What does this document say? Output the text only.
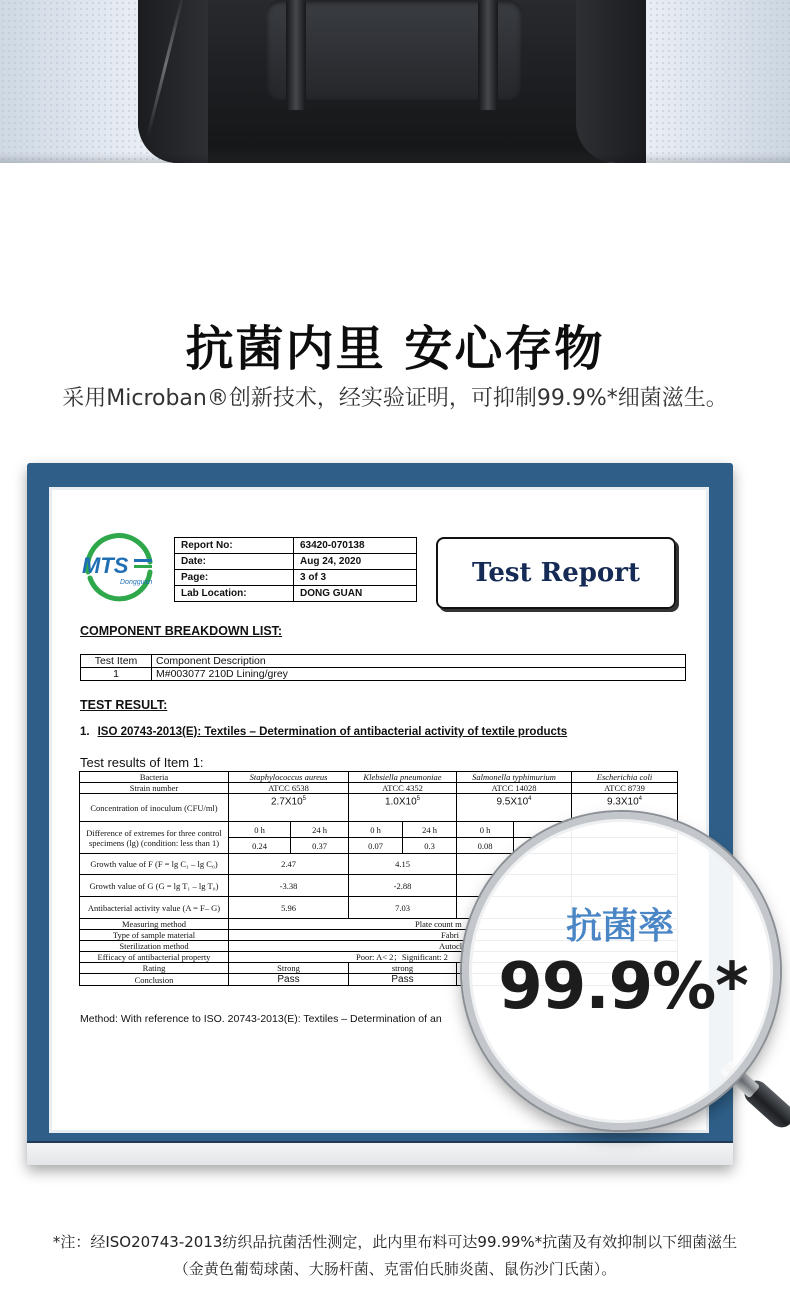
抗菌内里 安心存物
采用Microban®创新技术，经实验证明，可抑制99.9%*细菌滋生。
MTS
Dongguan
Report No:	63420-070138
Date:	Aug 24, 2020
Page:	3 of 3
Lab Location:	DONG GUAN
Test Report
COMPONENT BREAKDOWN LIST:
Test Item	Component Description
1	M#003077 210D Lining/grey
TEST RESULT:
1. ISO 20743-2013(E): Textiles – Determination of antibacterial activity of textile products
Test results of Item 1:
Bacteria	Staphylococcus aureus		Klebsiella pneumoniae		Salmonella typhimurium		Escherichia coli
Strain number	ATCC 6538		ATCC 4352		ATCC 14028		ATCC 8739
Concentration of inoculum (CFU/ml)	$2.7X10^5$		$1.0X10^5$		$9.5X10^4$		$9.3X10^4$
Difference of extremes for three control specimens (lg) (condition: less than 1)	0 h	24 h	0 h	24 h	0 h		
	0.24	0.37	0.07	0.3	0.08		
Growth value of F (F = lg C₁ – lg C₀)	2.47		4.15				
Growth value of G (G = lg T₁ – lg T₀)	-3.38		-2.88				
Antibacterial activity value (A = F– G)	5.96		7.03				
Measuring method	Plate count m						
Type of sample material	Fabri						
Sterilization method	Autocl						
Efficacy of antibacterial property	Poor: A< 2；Significant: 2						
Rating	Strong		strong				
Conclusion	Pass		Pass				
Method: With reference to ISO. 20743-2013(E): Textiles – Determination of an
抗菌率
99.9%*
*注：经ISO20743-2013纺织品抗菌活性测定，此内里布料可达99.99%*抗菌及有效抑制以下细菌滋生
（金黄色葡萄球菌、大肠杆菌、克雷伯氏肺炎菌、鼠伤沙门氏菌）。
